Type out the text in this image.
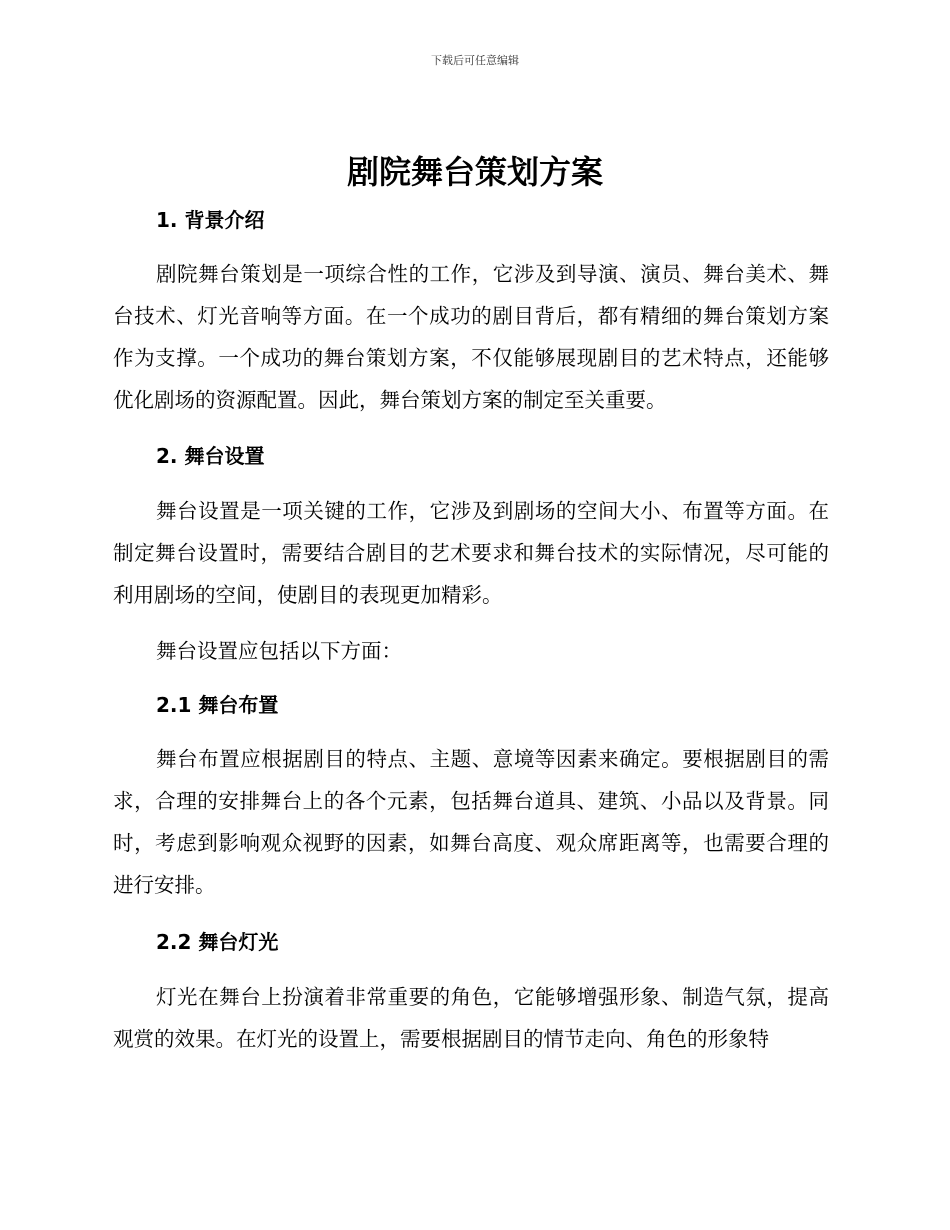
下载后可任意编辑
剧院舞台策划方案
1. 背景介绍

剧院舞台策划是一项综合性的工作，它涉及到导演、演员、舞台美术、舞台技术、灯光音响等方面。在一个成功的剧目背后，都有精细的舞台策划方案作为支撑。一个成功的舞台策划方案，不仅能够展现剧目的艺术特点，还能够优化剧场的资源配置。因此，舞台策划方案的制定至关重要。

2. 舞台设置

舞台设置是一项关键的工作，它涉及到剧场的空间大小、布置等方面。在制定舞台设置时，需要结合剧目的艺术要求和舞台技术的实际情况，尽可能的利用剧场的空间，使剧目的表现更加精彩。

舞台设置应包括以下方面：

2.1 舞台布置

舞台布置应根据剧目的特点、主题、意境等因素来确定。要根据剧目的需求，合理的安排舞台上的各个元素，包括舞台道具、建筑、小品以及背景。同时，考虑到影响观众视野的因素，如舞台高度、观众席距离等，也需要合理的进行安排。

2.2 舞台灯光

灯光在舞台上扮演着非常重要的角色，它能够增强形象、制造气氛，提高观赏的效果。在灯光的设置上，需要根据剧目的情节走向、角色的形象特
